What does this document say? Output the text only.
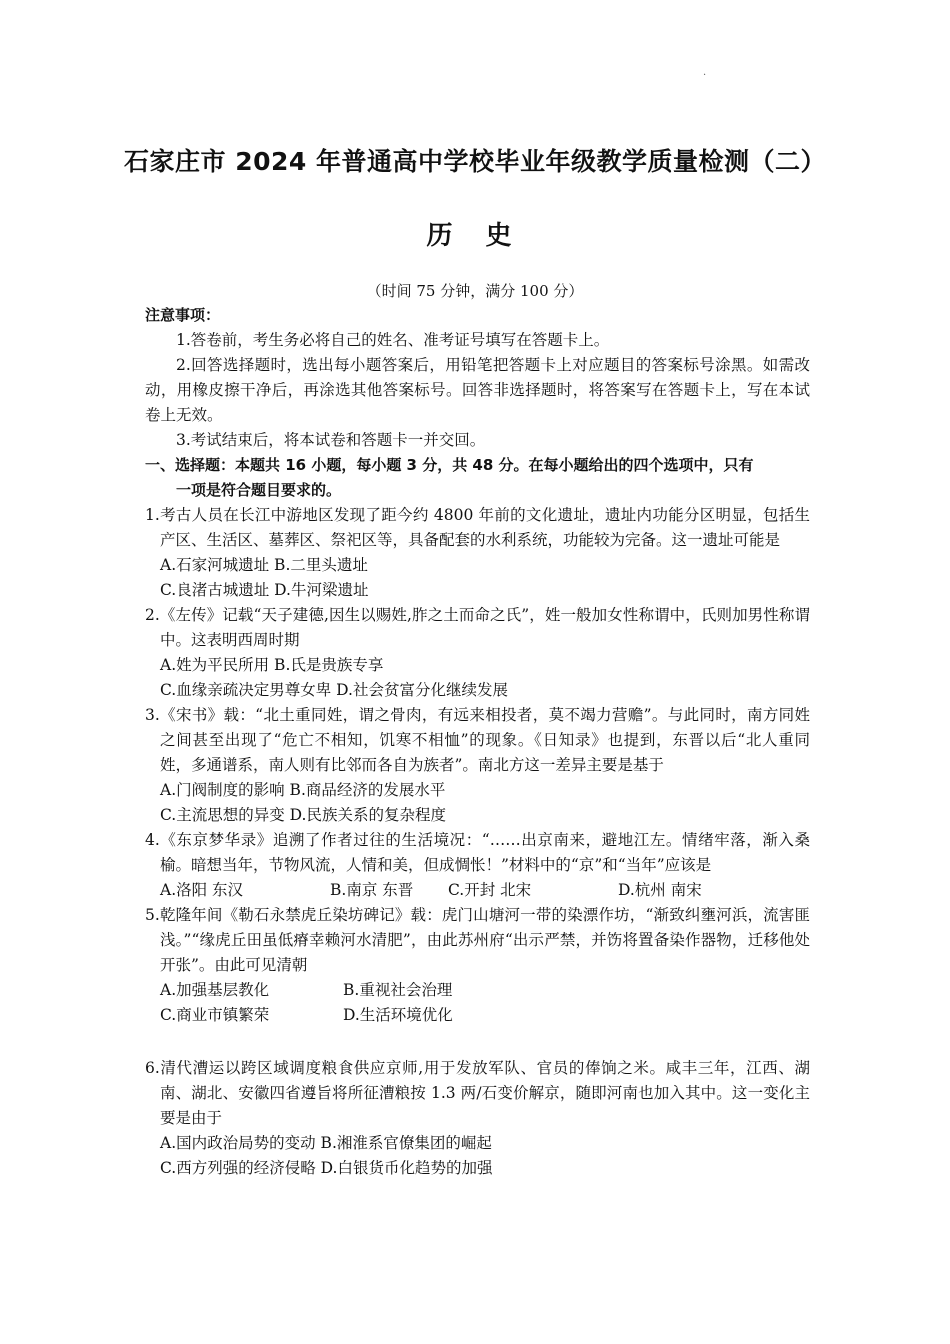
·
石家庄市 2024 年普通高中学校毕业年级教学质量检测（二）
历 史
（时间 75 分钟，满分 100 分）
注意事项：
1.答卷前，考生务必将自己的姓名、准考证号填写在答题卡上。
2.回答选择题时，选出每小题答案后，用铅笔把答题卡上对应题目的答案标号涂黑。如需改动，用橡皮擦干净后，再涂选其他答案标号。回答非选择题时，将答案写在答题卡上，写在本试卷上无效。
3.考试结束后，将本试卷和答题卡一并交回。
一、选择题：本题共 16 小题，每小题 3 分，共 48 分。在每小题给出的四个选项中，只有
一项是符合题目要求的。
1.考古人员在长江中游地区发现了距今约 4800 年前的文化遗址，遗址内功能分区明显，包括生产区、生活区、墓葬区、祭祀区等，具备配套的水利系统，功能较为完备。这一遗址可能是
A.石家河城遗址 B.二里头遗址
C.良渚古城遗址 D.牛河梁遗址
2.《左传》记载“天子建德,因生以赐姓,胙之土而命之氏”，姓一般加女性称谓中，氏则加男性称谓中。这表明西周时期
A.姓为平民所用 B.氏是贵族专享
C.血缘亲疏决定男尊女卑 D.社会贫富分化继续发展
3.《宋书》载：“北土重同姓，谓之骨肉，有远来相投者，莫不竭力营赡”。与此同时，南方同姓之间甚至出现了“危亡不相知，饥寒不相恤”的现象。《日知录》也提到，东晋以后“北人重同姓，多通谱系，南人则有比邻而各自为族者”。南北方这一差异主要是基于
A.门阀制度的影响 B.商品经济的发展水平
C.主流思想的异变 D.民族关系的复杂程度
4.《东京梦华录》追溯了作者过往的生活境况：“……出京南来，避地江左。情绪牢落，渐入桑榆。暗想当年，节物风流，人情和美，但成惆怅！”材料中的“京”和“当年”应该是
A.洛阳 东汉	B.南京 东晋 C.开封 北宋	D.杭州 南宋
5.乾隆年间《勒石永禁虎丘染坊碑记》载：虎门山塘河一带的染漂作坊，“渐致纠壅河浜，流害匪浅。”“缘虎丘田虽低瘠幸赖河水清肥”，由此苏州府“出示严禁，并饬将置备染作器物，迁移他处开张”。由此可见清朝
A.加强基层教化	B.重视社会治理
C.商业市镇繁荣	D.生活环境优化
6.清代漕运以跨区域调度粮食供应京师,用于发放军队、官员的俸饷之米。咸丰三年，江西、湖南、湖北、安徽四省遵旨将所征漕粮按 1.3 两/石变价解京，随即河南也加入其中。这一变化主要是由于
A.国内政治局势的变动 B.湘淮系官僚集团的崛起
C.西方列强的经济侵略 D.白银货币化趋势的加强
